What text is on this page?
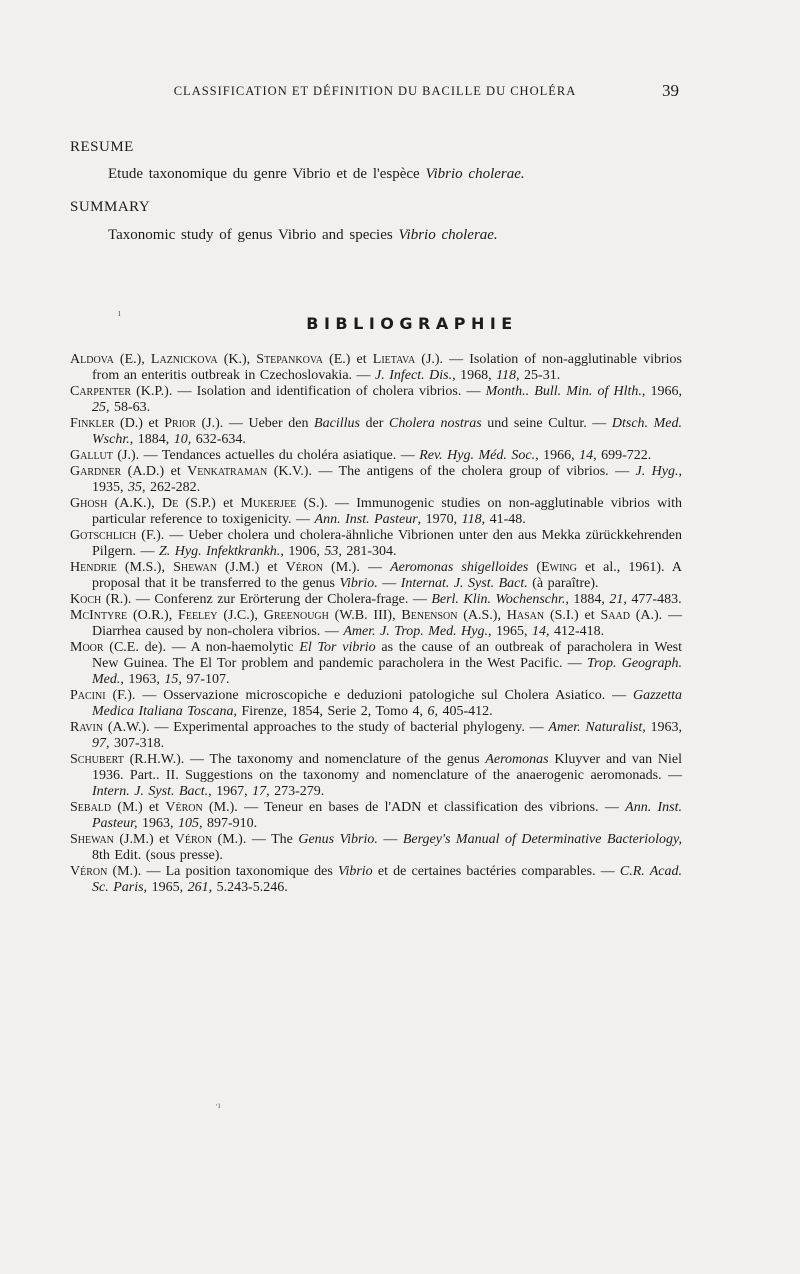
CLASSIFICATION ET DÉFINITION DU BACILLE DU CHOLÉRA	39
RESUME
Etude taxonomique du genre Vibrio et de l'espèce Vibrio cholerae.
SUMMARY
Taxonomic study of genus Vibrio and species Vibrio cholerae.
BIBLIOGRAPHIE
Aldova (E.), Laznickova (K.), Stepankova (E.) et Lietava (J.). — Isolation of non-agglutinable vibrios from an enteritis outbreak in Czechoslovakia. — J. Infect. Dis., 1968, 118, 25-31.
Carpenter (K.P.). — Isolation and identification of cholera vibrios. — Month.. Bull. Min. of Hlth., 1966, 25, 58-63.
Finkler (D.) et Prior (J.). — Ueber den Bacillus der Cholera nostras und seine Cultur. — Dtsch. Med. Wschr., 1884, 10, 632-634.
Gallut (J.). — Tendances actuelles du choléra asiatique. — Rev. Hyg. Méd. Soc., 1966, 14, 699-722.
Gardner (A.D.) et Venkatraman (K.V.). — The antigens of the cholera group of vibrios. — J. Hyg., 1935, 35, 262-282.
Ghosh (A.K.), De (S.P.) et Mukerjee (S.). — Immunogenic studies on non-agglutinable vibrios with particular reference to toxigenicity. — Ann. Inst. Pasteur, 1970, 118, 41-48.
Gotschlich (F.). — Ueber cholera und cholera-ähnliche Vibrionen unter den aus Mekka zürückkehrenden Pilgern. — Z. Hyg. Infektkrankh., 1906, 53, 281-304.
Hendrie (M.S.), Shewan (J.M.) et Véron (M.). — Aeromonas shigelloides (Ewing et al., 1961). A proposal that it be transferred to the genus Vibrio. — Internat. J. Syst. Bact. (à paraître).
Koch (R.). — Conferenz zur Erörterung der Cholera-frage. — Berl. Klin. Wochenschr., 1884, 21, 477-483.
McIntyre (O.R.), Feeley (J.C.), Greenough (W.B. III), Benenson (A.S.), Hasan (S.I.) et Saad (A.). — Diarrhea caused by non-cholera vibrios. — Amer. J. Trop. Med. Hyg., 1965, 14, 412-418.
Moor (C.E. de). — A non-haemolytic El Tor vibrio as the cause of an outbreak of paracholera in West New Guinea. The El Tor problem and pandemic paracholera in the West Pacific. — Trop. Geograph. Med., 1963, 15, 97-107.
Pacini (F.). — Osservazione microscopiche e deduzioni patologiche sul Cholera Asiatico. — Gazzetta Medica Italiana Toscana, Firenze, 1854, Serie 2, Tomo 4, 6, 405-412.
Ravin (A.W.). — Experimental approaches to the study of bacterial phylogeny. — Amer. Naturalist, 1963, 97, 307-318.
Schubert (R.H.W.). — The taxonomy and nomenclature of the genus Aeromonas Kluyver and van Niel 1936. Part.. II. Suggestions on the taxonomy and nomenclature of the anaerogenic aeromonads. — Intern. J. Syst. Bact., 1967, 17, 273-279.
Sebald (M.) et Véron (M.). — Teneur en bases de l'ADN et classification des vibrions. — Ann. Inst. Pasteur, 1963, 105, 897-910.
Shewan (J.M.) et Véron (M.). — The Genus Vibrio. — Bergey's Manual of Determinative Bacteriology, 8th Edit. (sous presse).
Véron (M.). — La position taxonomique des Vibrio et de certaines bactéries comparables. — C.R. Acad. Sc. Paris, 1965, 261, 5.243-5.246.
ı
·ı
